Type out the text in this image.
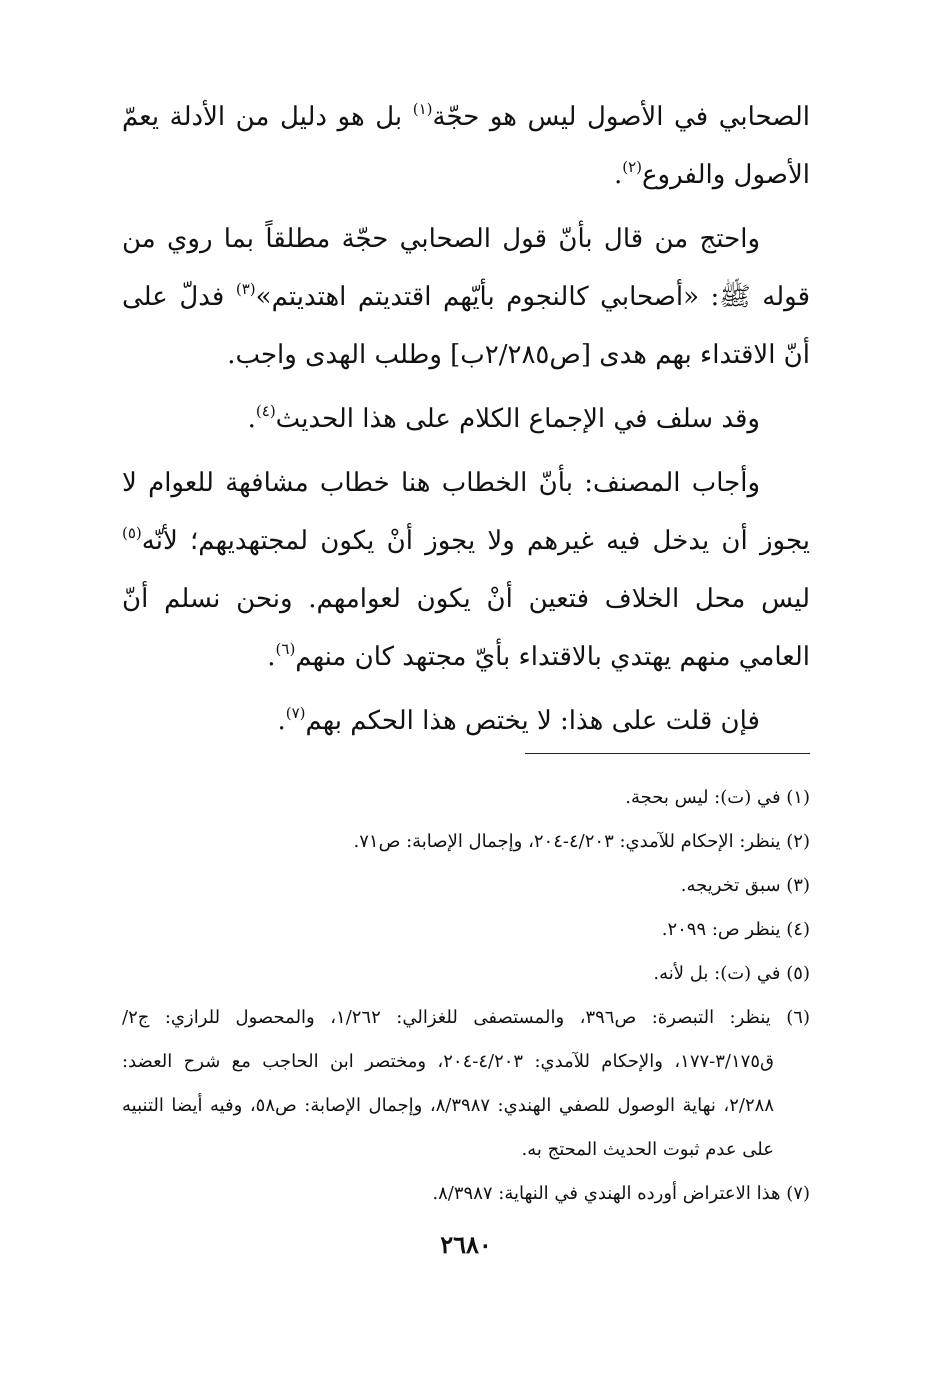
الصحابي في الأصول ليس هو حجّة$^{(١)}$ بل هو دليل من الأدلة يعمّ الأصول والفروع$^{(٢)}$.

واحتج من قال بأنّ قول الصحابي حجّة مطلقاً بما روي من قوله ﷺ: «أصحابي كالنجوم بأيّهم اقتديتم اهتديتم»$^{(٣)}$ فدلّ على أنّ الاقتداء بهم هدى [ص٢/٢٨٥ب] وطلب الهدى واجب.

وقد سلف في الإجماع الكلام على هذا الحديث$^{(٤)}$.

وأجاب المصنف: بأنّ الخطاب هنا خطاب مشافهة للعوام لا يجوز أن يدخل فيه غيرهم ولا يجوز أنْ يكون لمجتهديهم؛ لأنّه$^{(٥)}$ ليس محل الخلاف فتعين أنْ يكون لعوامهم. ونحن نسلم أنّ العامي منهم يهتدي بالاقتداء بأيّ مجتهد كان منهم$^{(٦)}$.

فإن قلت على هذا: لا يختص هذا الحكم بهم$^{(٧)}$.

(١) في (ت): ليس بحجة.

(٢) ينظر: الإحكام للآمدي: ٤/٢٠٣-٢٠٤، وإجمال الإصابة: ص٧١.

(٣) سبق تخريجه.

(٤) ينظر ص: ٢٠٩٩.

(٥) في (ت): بل لأنه.

(٦) ينظر: التبصرة: ص٣٩٦، والمستصفى للغزالي: ١/٢٦٢، والمحصول للرازي: ج٢/ق٣/١٧٥-١٧٧، والإحكام للآمدي: ٤/٢٠٣-٢٠٤، ومختصر ابن الحاجب مع شرح العضد: ٢/٢٨٨، نهاية الوصول للصفي الهندي: ٨/٣٩٨٧، وإجمال الإصابة: ص٥٨، وفيه أيضا التنبيه على عدم ثبوت الحديث المحتج به.

(٧) هذا الاعتراض أورده الهندي في النهاية: ٨/٣٩٨٧.

٢٦٨٠
